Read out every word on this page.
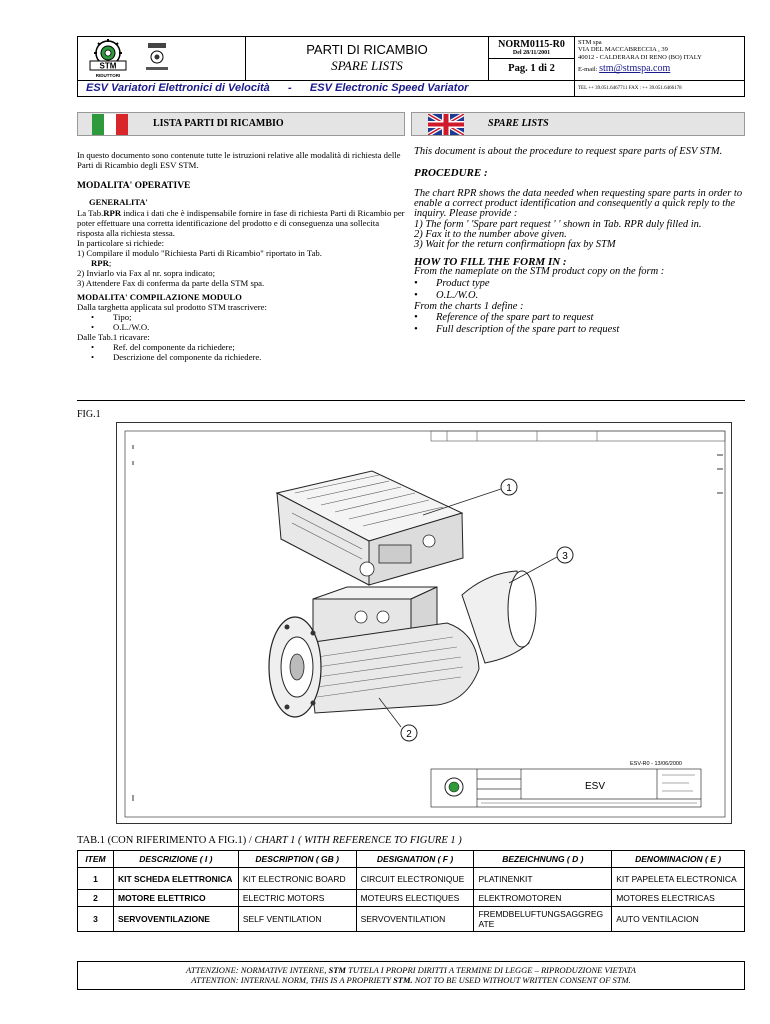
STM
RIDUTTORI
PARTI DI RICAMBIO
SPARE LISTS
NORM0115-R0
Del 28/11/2001
Pag. 1 di 2
STM spa
VIA DEL MACCABRECCIA , 39
40012 - CALDERARA DI RENO (BO) ITALY
E-mail: stm@stmspa.com
ESV Variatori Elettronici di Velocità - ESV Electronic Speed Variator	TEL ++ 39.051.6467711 FAX : ++ 39.051.6466178
LISTA PARTI DI RICAMBIO	SPARE LISTS

In questo documento sono contenute tutte le istruzioni relative alle modalità di richiesta delle Parti di Ricambio degli ESV STM.

MODALITA' OPERATIVE

GENERALITA'

La Tab.RPR indica i dati che è indispensabile fornire in fase di richiesta Parti di Ricambio per poter effettuare una corretta identificazione del prodotto e di conseguenza una sollecita risposta alla richiesta stessa.

In particolare si richiede:

1) Compilare il modulo "Richiesta Parti di Ricambio" riportato in Tab.
RPR;

2) Inviarlo via Fax al nr. sopra indicato;

3) Attendere Fax di conferma da parte della STM spa.

MODALITA' COMPILAZIONE MODULO

Dalla targhetta applicata sul prodotto STM trascrivere:

• Tipo;
• O.L./W.O.

Dalle Tab.1 ricavare:

• Ref. del componente da richiedere;
• Descrizione del componente da richiedere.

This document is about the procedure to request spare parts of ESV STM.

PROCEDURE :

The chart RPR shows the data needed when requesting spare parts in order to enable a correct product identification and consequently a quick reply to the inquiry. Please provide :

1) The form ' 'Spare part request ' ' shown in Tab. RPR duly filled in.

2) Fax it to the number above given.

3) Wait for the return confirmatiopn fax by STM

HOW TO FILL THE FORM IN :

From the nameplate on the STM product copy on the form :

• Product type
• O.L./W.O.

From the charts 1 define :

• Reference of the spare part to request
• Full description of the spare part to request
FIG.1
1
2
3
ESV-R0 - 13/06/2000
ESV
TAB.1 (CON RIFERIMENTO A FIG.1) / CHART 1 ( WITH REFERENCE TO FIGURE 1 )
ITEM	DESCRIZIONE ( I )	DESCRIPTION ( GB )	DESIGNATION ( F )	BEZEICHNUNG ( D )	DENOMINACION ( E )
1	KIT SCHEDA ELETTRONICA	KIT ELECTRONIC BOARD	CIRCUIT ELECTRONIQUE	PLATINENKIT	KIT PAPELETA ELECTRONICA
2	MOTORE ELETTRICO	ELECTRIC MOTORS	MOTEURS ELECTIQUES	ELEKTROMOTOREN	MOTORES ELECTRICAS
3	SERVOVENTILAZIONE	SELF VENTILATION	SERVOVENTILATION	FREMDBELUFTUNGSAGGREGATE	AUTO VENTILACION
ATTENZIONE: NORMATIVE INTERNE, STM TUTELA I PROPRI DIRITTI A TERMINE DI LEGGE – RIPRODUZIONE VIETATA
ATTENTION: INTERNAL NORM, THIS IS A PROPRIETY STM. NOT TO BE USED WITHOUT WRITTEN CONSENT OF STM.
